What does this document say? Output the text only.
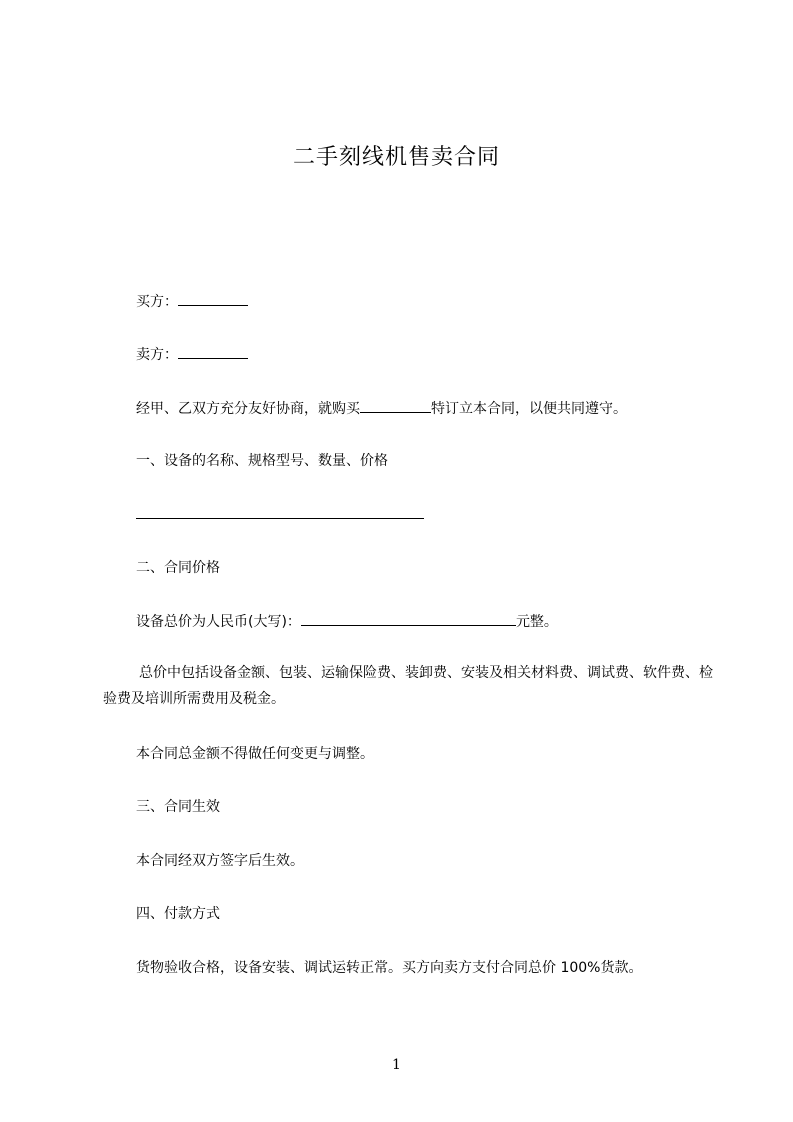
二手刻线机售卖合同
买方：
卖方：
经甲、乙双方充分友好协商，就购买	特订立本合同，以便共同遵守。
一、设备的名称、规格型号、数量、价格
二、合同价格
设备总价为人民币(大写)：	元整。
总价中包括设备金额、包装、运输保险费、装卸费、安装及相关材料费、调试费、软件费、检验费及培训所需费用及税金。
本合同总金额不得做任何变更与调整。
三、合同生效
本合同经双方签字后生效。
四、付款方式
货物验收合格，设备安装、调试运转正常。买方向卖方支付合同总价 100%货款。
1
